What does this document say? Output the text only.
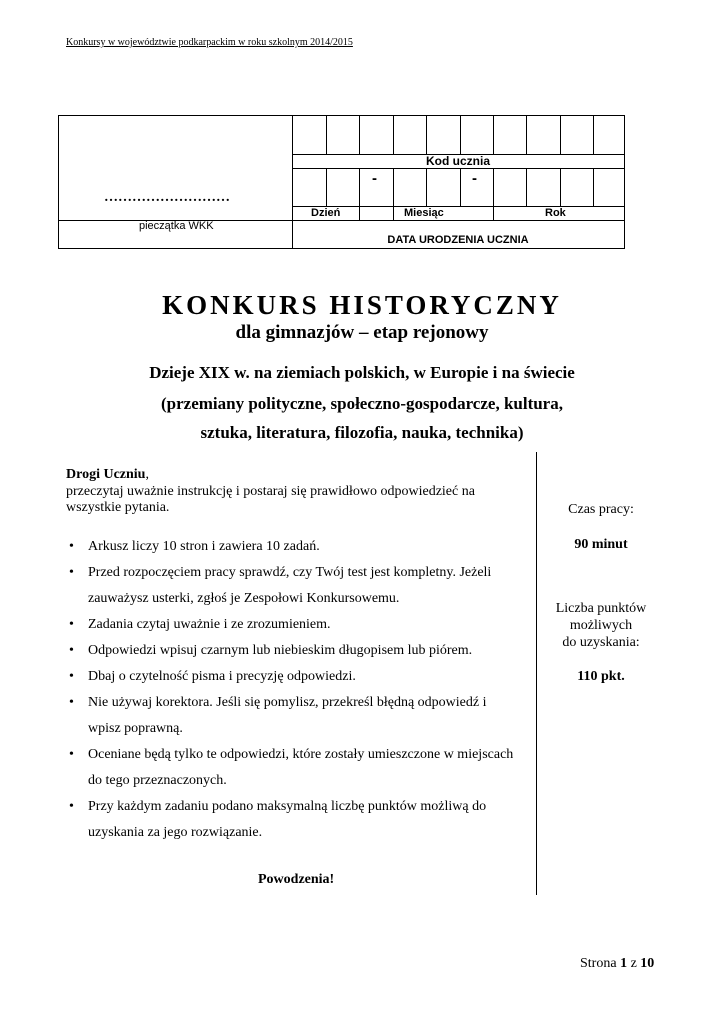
Konkursy w województwie podkarpackim w roku szkolnym 2014/2015
Kod ucznia
-	-
Dzień	Miesiąc	Rok
DATA URODZENIA UCZNIA
………………………
pieczątka WKK
KONKURS HISTORYCZNY
dla gimnazjów – etap rejonowy
Dzieje XIX w. na ziemiach polskich, w Europie i na świecie
(przemiany polityczne, społeczno-gospodarcze, kultura,
sztuka, literatura, filozofia, nauka, technika)
Drogi Uczniu,
przeczytaj uważnie instrukcję i postaraj się prawidłowo odpowiedzieć na
wszystkie pytania.
• Arkusz liczy 10 stron i zawiera 10 zadań.
• Przed rozpoczęciem pracy sprawdź, czy Twój test jest kompletny. Jeżeli zauważysz usterki, zgłoś je Zespołowi Konkursowemu.
• Zadania czytaj uważnie i ze zrozumieniem.
• Odpowiedzi wpisuj czarnym lub niebieskim długopisem lub piórem.
• Dbaj o czytelność pisma i precyzję odpowiedzi.
• Nie używaj korektora. Jeśli się pomylisz, przekreśl błędną odpowiedź i wpisz poprawną.
• Oceniane będą tylko te odpowiedzi, które zostały umieszczone w miejscach do tego przeznaczonych.
• Przy każdym zadaniu podano maksymalną liczbę punktów możliwą do uzyskania za jego rozwiązanie.
Powodzenia!
Czas pracy:
90 minut
Liczba punktów
możliwych
do uzyskania:
110 pkt.
Strona 1 z 10
